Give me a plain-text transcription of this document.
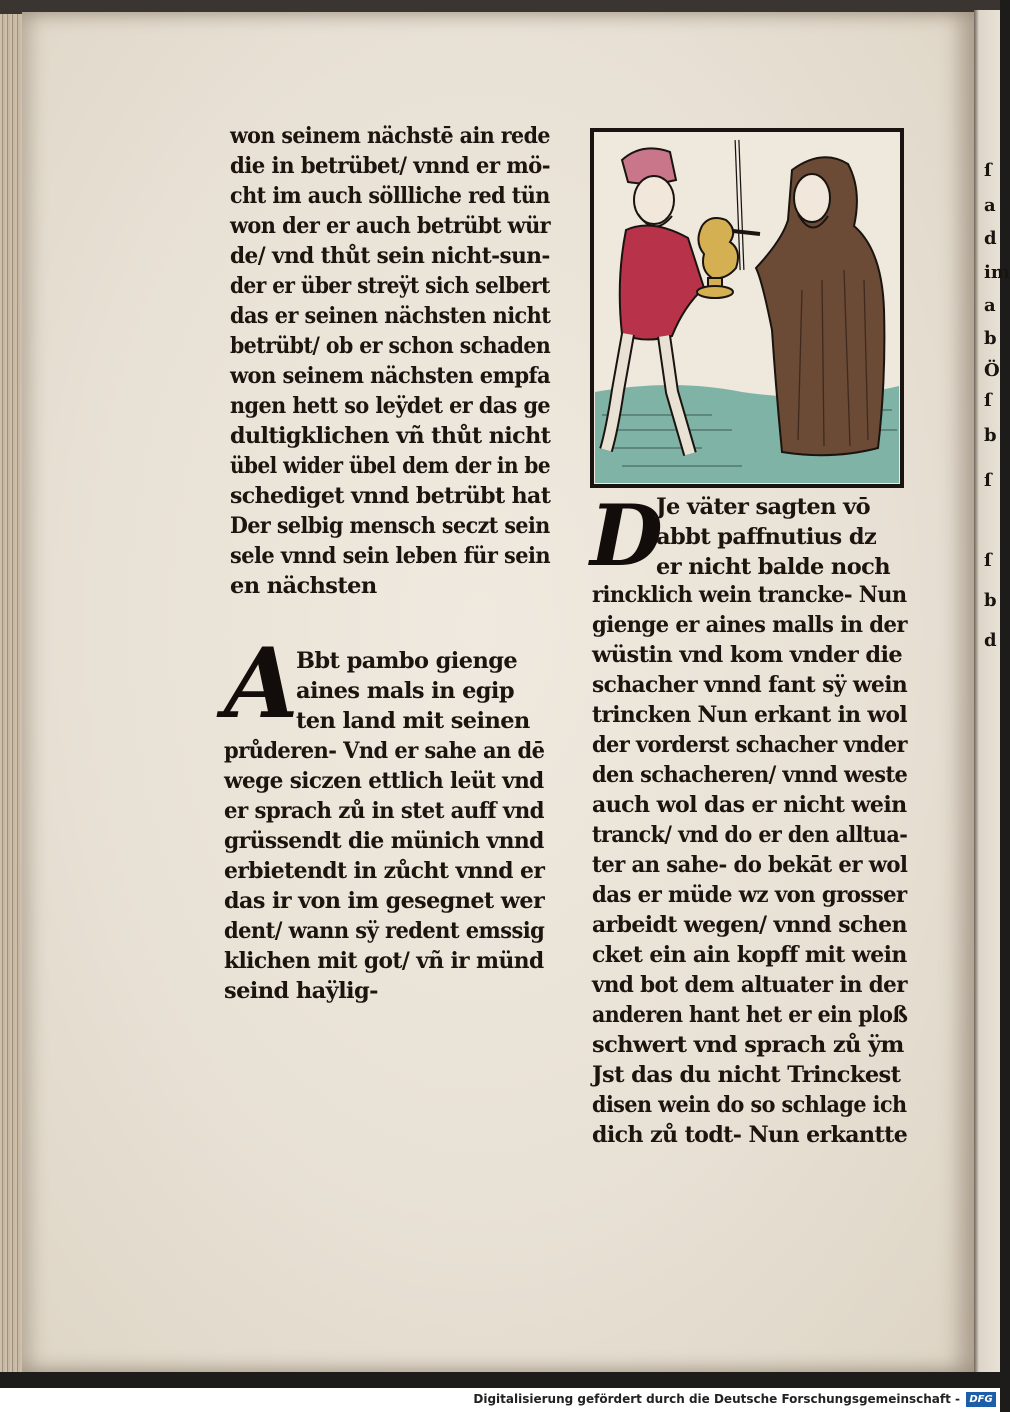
ſ
a
d
im
a
b
Ö
ſ
b
ſ
ſ
b
d
won seinem nächstē ain rede
die in betrübet/ vnnd er mö-
cht im auch söllliche red tün
won der er auch betrübt wür
de/ vnd thůt sein nicht-sun-
der er über streÿt sich selbert
das er seinen nächsten nicht
betrübt/ ob er schon schaden
won seinem nächsten empfa
ngen hett so leÿdet er das ge
dultigklichen vñ thůt nicht
übel wider übel dem der in be
schediget vnnd betrübt hat
Der selbig mensch seczt sein
sele vnnd sein leben für sein
en nächsten
A
Bbt pambo gienge
aines mals in egip
ten land mit seinen
průderen- Vnd er sahe an dē
wege siczen ettlich leüt vnd
er sprach zů in stet auff vnd
grüssendt die münich vnnd
erbietendt in zůcht vnnd er
das ir von im gesegnet wer
dent/ wann sÿ redent emssig
klichen mit got/ vñ ir münd
seind haÿlig-
D
Je väter sagten vō
abbt paffnutius dz
er nicht balde noch
rincklich wein trancke- Nun
gienge er aines malls in der
wüstin vnd kom vnder die
schacher vnnd fant sÿ wein
trincken Nun erkant in wol
der vorderst schacher vnder
den schacheren/ vnnd weste
auch wol das er nicht wein
tranck/ vnd do er den alltua-
ter an sahe- do bekāt er wol
das er müde wz von grosser
arbeidt wegen/ vnnd schen
cket ein ain kopff mit wein
vnd bot dem altuater in der
anderen hant het er ein ploß
schwert vnd sprach zů ÿm
Jst das du nicht Trinckest
disen wein do so schlage ich
dich zů todt- Nun erkantte
Digitalisierung gefördert durch die Deutsche Forschungsgemeinschaft - DFG
